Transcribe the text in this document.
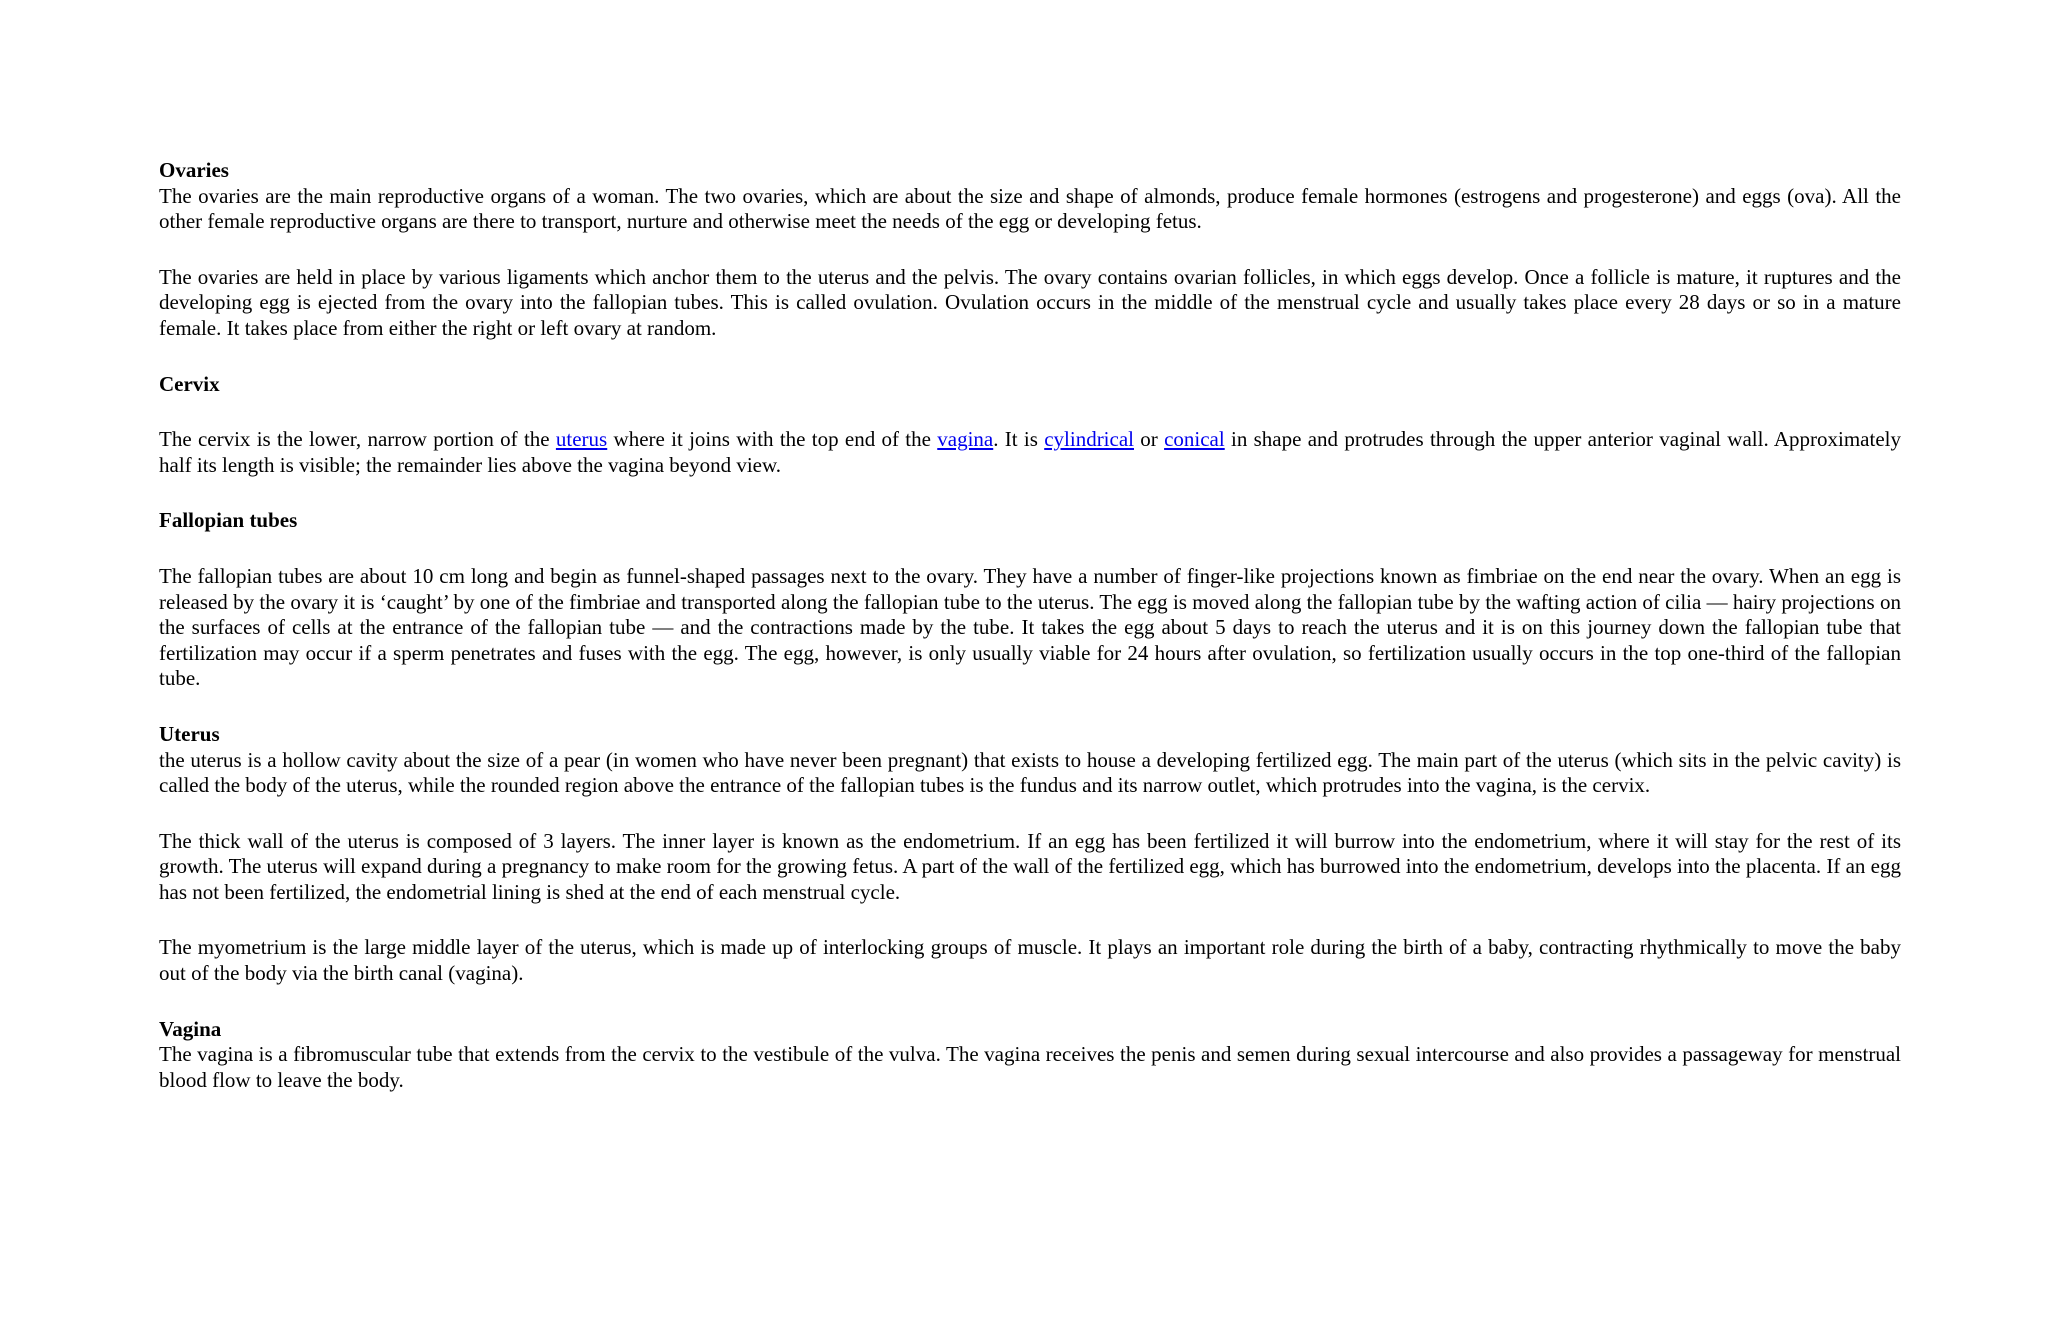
Ovaries

The ovaries are the main reproductive organs of a woman. The two ovaries, which are about the size and shape of almonds, produce female hormones (estrogens and progesterone) and eggs (ova). All the other female reproductive organs are there to transport, nurture and otherwise meet the needs of the egg or developing fetus.

The ovaries are held in place by various ligaments which anchor them to the uterus and the pelvis. The ovary contains ovarian follicles, in which eggs develop. Once a follicle is mature, it ruptures and the developing egg is ejected from the ovary into the fallopian tubes. This is called ovulation. Ovulation occurs in the middle of the menstrual cycle and usually takes place every 28 days or so in a mature female. It takes place from either the right or left ovary at random.

Cervix

The cervix is the lower, narrow portion of the uterus where it joins with the top end of the vagina. It is cylindrical or conical in shape and protrudes through the upper anterior vaginal wall. Approximately half its length is visible; the remainder lies above the vagina beyond view.

Fallopian tubes

The fallopian tubes are about 10 cm long and begin as funnel-shaped passages next to the ovary. They have a number of finger-like projections known as fimbriae on the end near the ovary. When an egg is released by the ovary it is ‘caught’ by one of the fimbriae and transported along the fallopian tube to the uterus. The egg is moved along the fallopian tube by the wafting action of cilia — hairy projections on the surfaces of cells at the entrance of the fallopian tube — and the contractions made by the tube. It takes the egg about 5 days to reach the uterus and it is on this journey down the fallopian tube that fertilization may occur if a sperm penetrates and fuses with the egg. The egg, however, is only usually viable for 24 hours after ovulation, so fertilization usually occurs in the top one-third of the fallopian tube.

Uterus

the uterus is a hollow cavity about the size of a pear (in women who have never been pregnant) that exists to house a developing fertilized egg. The main part of the uterus (which sits in the pelvic cavity) is called the body of the uterus, while the rounded region above the entrance of the fallopian tubes is the fundus and its narrow outlet, which protrudes into the vagina, is the cervix.

The thick wall of the uterus is composed of 3 layers. The inner layer is known as the endometrium. If an egg has been fertilized it will burrow into the endometrium, where it will stay for the rest of its growth. The uterus will expand during a pregnancy to make room for the growing fetus. A part of the wall of the fertilized egg, which has burrowed into the endometrium, develops into the placenta. If an egg has not been fertilized, the endometrial lining is shed at the end of each menstrual cycle.

The myometrium is the large middle layer of the uterus, which is made up of interlocking groups of muscle. It plays an important role during the birth of a baby, contracting rhythmically to move the baby out of the body via the birth canal (vagina).

Vagina

The vagina is a fibromuscular tube that extends from the cervix to the vestibule of the vulva. The vagina receives the penis and semen during sexual intercourse and also provides a passageway for menstrual blood flow to leave the body.
